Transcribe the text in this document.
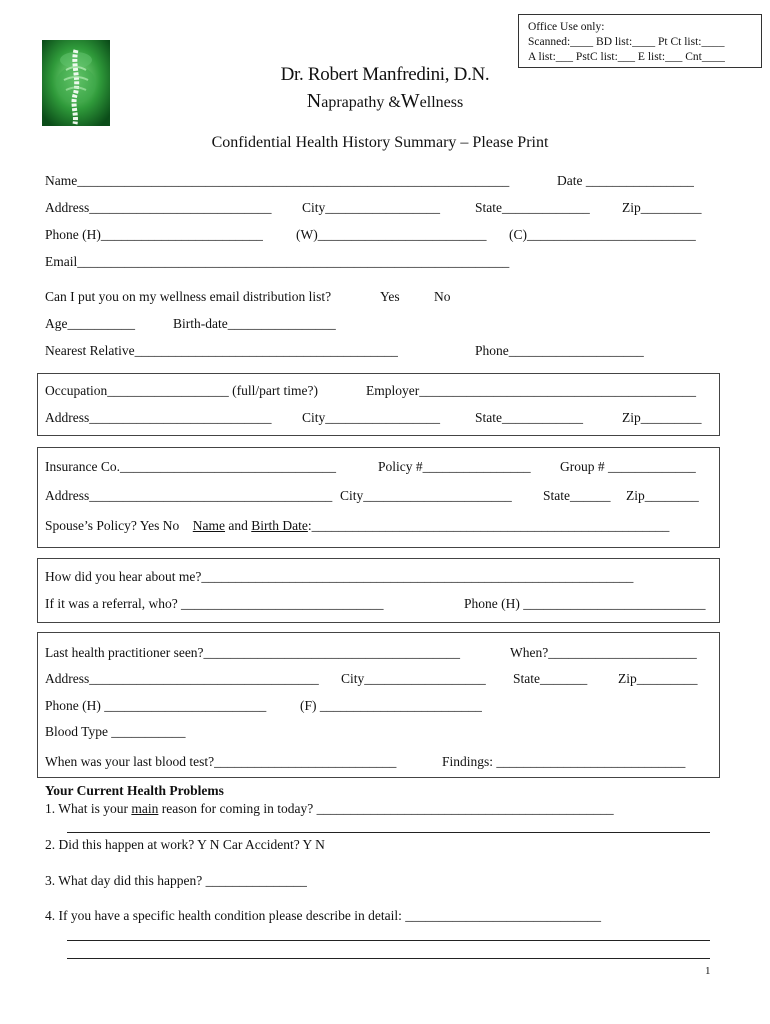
Office Use only:
Scanned:____ BD list:____ Pt Ct list:____
A list:___ PstC list:___ E list:___ Cnt____
Dr. Robert Manfredini, D.N.
Naprapathy &Wellness
Confidential Health History Summary – Please Print
Name________________________________________________________________	Date ________________
Address___________________________ City_________________	State_____________ Zip_________
Phone (H)________________________ (W)_________________________ (C)_________________________
Email________________________________________________________________
Can I put you on my wellness email distribution list?	Yes	No
Age__________	Birth-date________________
Nearest Relative_______________________________________	Phone____________________
Occupation__________________ (full/part time?)	Employer_________________________________________
Address___________________________ City_________________	State____________	Zip_________
Insurance Co.________________________________	Policy #________________ Group # _____________
Address____________________________________ City______________________ State______ Zip________
Spouse’s Policy? Yes No Name and Birth Date:_____________________________________________________
How did you hear about me?________________________________________________________________
If it was a referral, who? ______________________________	Phone (H) ___________________________
Last health practitioner seen?______________________________________	When?______________________
Address__________________________________ City__________________ State_______ Zip_________
Phone (H) ________________________	(F) ________________________
Blood Type ___________
When was your last blood test?___________________________	Findings: ____________________________
Your Current Health Problems
1. What is your main reason for coming in today? ____________________________________________
2. Did this happen at work? Y N Car Accident? Y N
3. What day did this happen? _______________
4. If you have a specific health condition please describe in detail: _____________________________
1
